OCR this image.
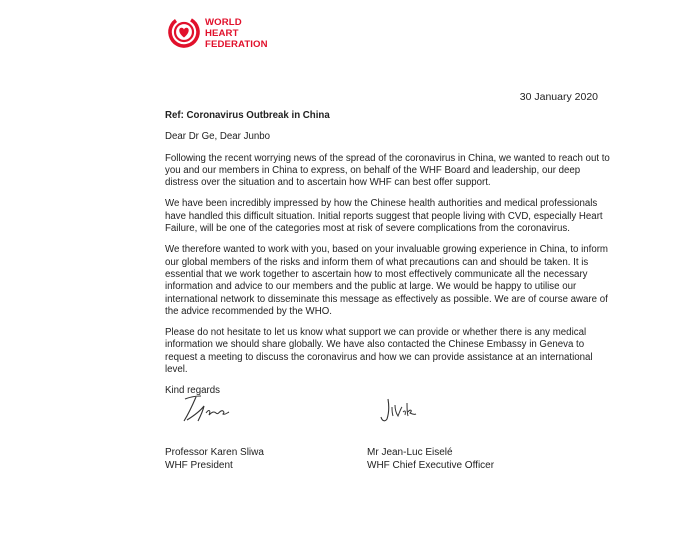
WORLD
HEART
FEDERATION
30 January 2020

Ref: Coronavirus Outbreak in China

Dear Dr Ge, Dear Junbo

Following the recent worrying news of the spread of the coronavirus in China, we wanted to reach out to you and our members in China to express, on behalf of the WHF Board and leadership, our deep distress over the situation and to ascertain how WHF can best offer support.

We have been incredibly impressed by how the Chinese health authorities and medical professionals have handled this difficult situation. Initial reports suggest that people living with CVD, especially Heart Failure, will be one of the categories most at risk of severe complications from the coronavirus.

We therefore wanted to work with you, based on your invaluable growing experience in China, to inform our global members of the risks and inform them of what precautions can and should be taken. It is essential that we work together to ascertain how to most effectively communicate all the necessary information and advice to our members and the public at large. We would be happy to utilise our international network to disseminate this message as effectively as possible. We are of course aware of the advice recommended by the WHO.

Please do not hesitate to let us know what support we can provide or whether there is any medical information we should share globally. We have also contacted the Chinese Embassy in Geneva to request a meeting to discuss the coronavirus and how we can provide assistance at an international level.

Kind regards

Professor Karen Sliwa
WHF President
Mr Jean-Luc Eiselé
WHF Chief Executive Officer
